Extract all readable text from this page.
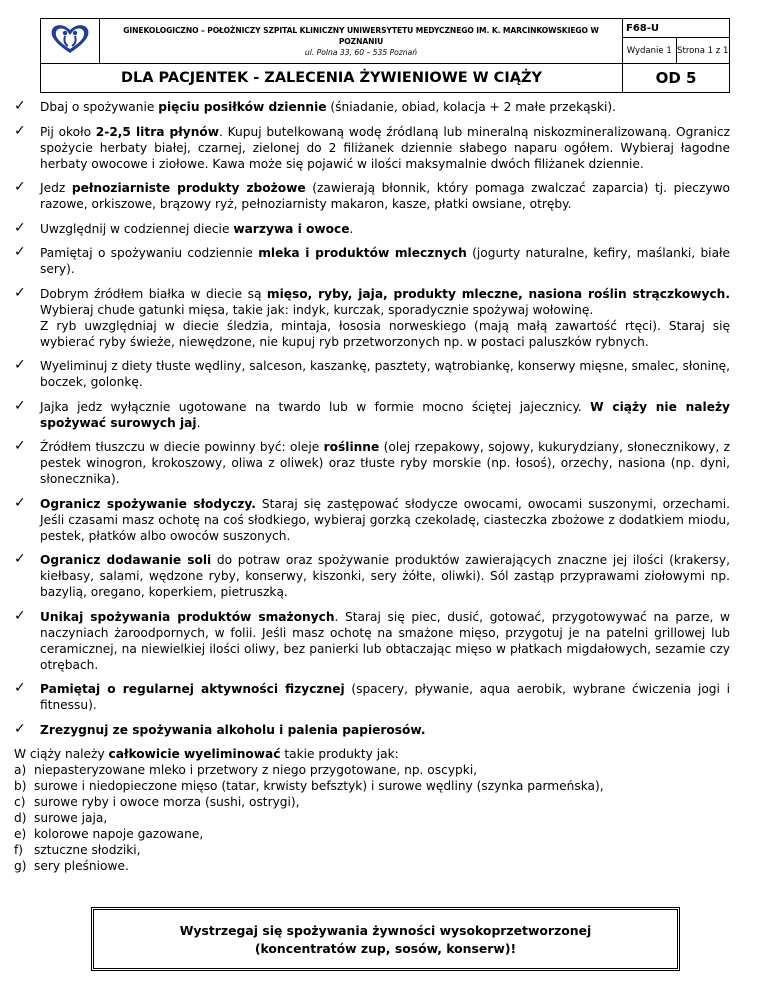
GINEKOLOGICZNO – POŁOŻNICZY SZPITAL KLINICZNY UNIWERSYTETU MEDYCZNEGO IM. K. MARCINKOWSKIEGO W POZNANIU
ul. Polna 33, 60 – 535 Poznań	F68-U	
		Wydanie 1	Strona 1 z 1
DLA PACJENTEK - ZALECENIA ŻYWIENIOWE W CIĄŻY		OD 5	
✓ Dbaj o spożywanie pięciu posiłków dziennie (śniadanie, obiad, kolacja + 2 małe przekąski).
✓ Pij około 2-2,5 litra płynów. Kupuj butelkowaną wodę źródlaną lub mineralną niskozmineralizowaną. Ogranicz spożycie herbaty białej, czarnej, zielonej do 2 filiżanek dziennie słabego naparu ogółem. Wybieraj łagodne herbaty owocowe i ziołowe. Kawa może się pojawić w ilości maksymalnie dwóch filiżanek dziennie.
✓ Jedz pełnoziarniste produkty zbożowe (zawierają błonnik, który pomaga zwalczać zaparcia) tj. pieczywo razowe, orkiszowe, brązowy ryż, pełnoziarnisty makaron, kasze, płatki owsiane, otręby.
✓ Uwzględnij w codziennej diecie warzywa i owoce.
✓ Pamiętaj o spożywaniu codziennie mleka i produktów mlecznych (jogurty naturalne, kefiry, maślanki, białe sery).
✓ Dobrym źródłem białka w diecie są mięso, ryby, jaja, produkty mleczne, nasiona roślin strączkowych. Wybieraj chude gatunki mięsa, takie jak: indyk, kurczak, sporadycznie spożywaj wołowinę.
Z ryb uwzględniaj w diecie śledzia, mintaja, łososia norweskiego (mają małą zawartość rtęci). Staraj się wybierać ryby świeże, niewędzone, nie kupuj ryb przetworzonych np. w postaci paluszków rybnych.
✓ Wyeliminuj z diety tłuste wędliny, salceson, kaszankę, pasztety, wątrobiankę, konserwy mięsne, smalec, słoninę, boczek, golonkę.
✓ Jajka jedz wyłącznie ugotowane na twardo lub w formie mocno ściętej jajecznicy. W ciąży nie należy spożywać surowych jaj.
✓ Źródłem tłuszczu w diecie powinny być: oleje roślinne (olej rzepakowy, sojowy, kukurydziany, słonecznikowy, z pestek winogron, krokoszowy, oliwa z oliwek) oraz tłuste ryby morskie (np. łosoś), orzechy, nasiona (np. dyni, słonecznika).
✓ Ogranicz spożywanie słodyczy. Staraj się zastępować słodycze owocami, owocami suszonymi, orzechami. Jeśli czasami masz ochotę na coś słodkiego, wybieraj gorzką czekoladę, ciasteczka zbożowe z dodatkiem miodu, pestek, płatków albo owoców suszonych.
✓ Ogranicz dodawanie soli do potraw oraz spożywanie produktów zawierających znaczne jej ilości (krakersy, kiełbasy, salami, wędzone ryby, konserwy, kiszonki, sery żółte, oliwki). Sól zastąp przyprawami ziołowymi np. bazylią, oregano, koperkiem, pietruszką.
✓ Unikaj spożywania produktów smażonych. Staraj się piec, dusić, gotować, przygotowywać na parze, w naczyniach żaroodpornych, w folii. Jeśli masz ochotę na smażone mięso, przygotuj je na patelni grillowej lub ceramicznej, na niewielkiej ilości oliwy, bez panierki lub obtaczając mięso w płatkach migdałowych, sezamie czy otrębach.
✓ Pamiętaj o regularnej aktywności fizycznej (spacery, pływanie, aqua aerobik, wybrane ćwiczenia jogi i fitnessu).
✓ Zrezygnuj ze spożywania alkoholu i palenia papierosów.
W ciąży należy całkowicie wyeliminować takie produkty jak:
a) niepasteryzowane mleko i przetwory z niego przygotowane, np. oscypki,
b) surowe i niedopieczone mięso (tatar, krwisty befsztyk) i surowe wędliny (szynka parmeńska),
c) surowe ryby i owoce morza (sushi, ostrygi),
d) surowe jaja,
e) kolorowe napoje gazowane,
f) sztuczne słodziki,
g) sery pleśniowe.
Wystrzegaj się spożywania żywności wysokoprzetworzonej
(koncentratów zup, sosów, konserw)!
